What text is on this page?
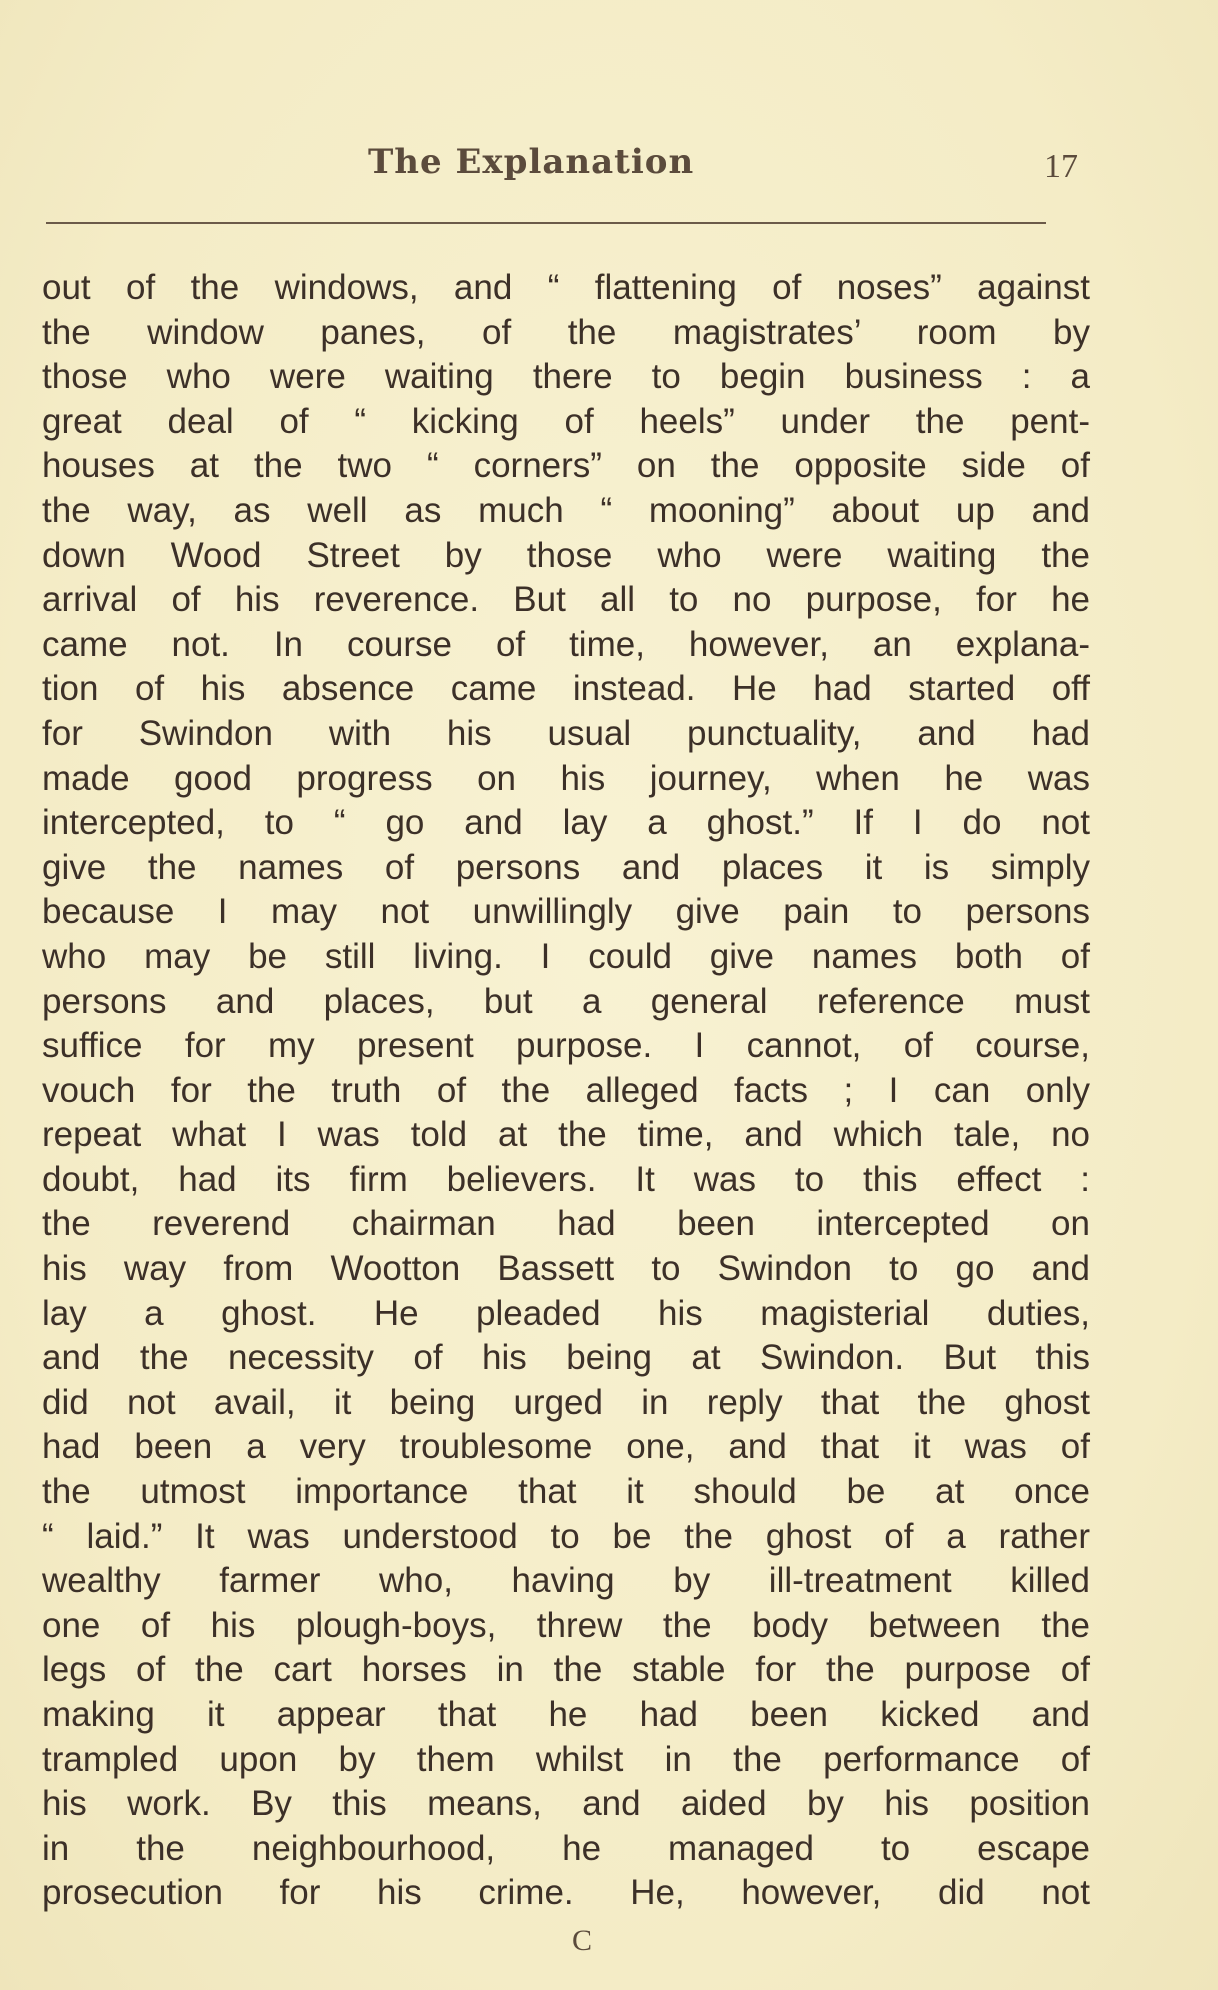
The Explanation	17
out of the windows, and “ flattening of noses” against
the window panes, of the magistrates’ room by
those who were waiting there to begin business : a
great deal of “ kicking of heels” under the pent-
houses at the two “ corners” on the opposite side of
the way, as well as much “ mooning” about up and
down Wood Street by those who were waiting the
arrival of his reverence. But all to no purpose, for he
came not. In course of time, however, an explana-
tion of his absence came instead. He had started off
for Swindon with his usual punctuality, and had
made good progress on his journey, when he was
intercepted, to “ go and lay a ghost.” If I do not
give the names of persons and places it is simply
because I may not unwillingly give pain to persons
who may be still living. I could give names both of
persons and places, but a general reference must
suffice for my present purpose. I cannot, of course,
vouch for the truth of the alleged facts ; I can only
repeat what I was told at the time, and which tale, no
doubt, had its firm believers. It was to this effect :
the reverend chairman had been intercepted on
his way from Wootton Bassett to Swindon to go and
lay a ghost. He pleaded his magisterial duties,
and the necessity of his being at Swindon. But this
did not avail, it being urged in reply that the ghost
had been a very troublesome one, and that it was of
the utmost importance that it should be at once
“ laid.” It was understood to be the ghost of a rather
wealthy farmer who, having by ill-treatment killed
one of his plough-boys, threw the body between the
legs of the cart horses in the stable for the purpose of
making it appear that he had been kicked and
trampled upon by them whilst in the performance of
his work. By this means, and aided by his position
in the neighbourhood, he managed to escape
prosecution for his crime. He, however, did not
C
